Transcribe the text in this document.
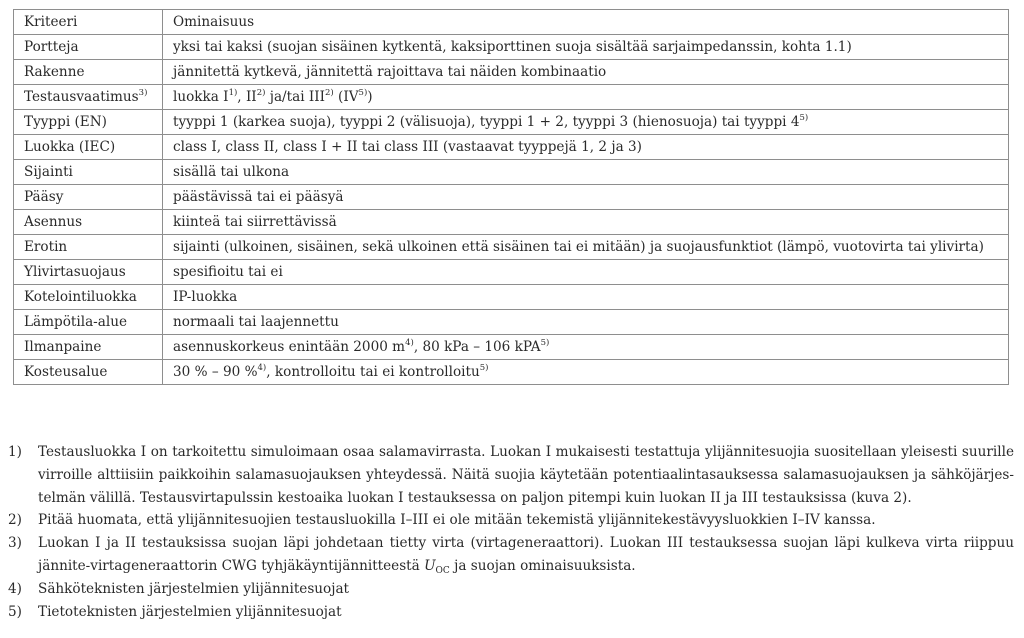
Kriteeri	Ominaisuus
Portteja	yksi tai kaksi (suojan sisäinen kytkentä, kaksiporttinen suoja sisältää sarjaimpedanssin, kohta 1.1)
Rakenne	jännitettä kytkevä, jännitettä rajoittava tai näiden kombinaatio
Testausvaatimus$^{3)}$	luokka $I^{1)}$, II$^{2)}$ ja/tai III$^{2)}$ (IV$^{5)}$)
Tyyppi (EN)	tyyppi 1 (karkea suoja), tyyppi 2 (välisuoja), tyyppi 1 + 2, tyyppi 3 (hienosuoja) tai tyyppi 4$^{5)}$
Luokka (IEC)	class I, class II, class I + II tai class III (vastaavat tyyppejä 1, 2 ja 3)
Sijainti	sisällä tai ulkona
Pääsy	päästävissä tai ei pääsyä
Asennus	kiinteä tai siirrettävissä
Erotin	sijainti (ulkoinen, sisäinen, sekä ulkoinen että sisäinen tai ei mitään) ja suojausfunktiot (lämpö, vuotovirta tai ylivirta)
Ylivirtasuojaus	spesifioitu tai ei
Kotelointiluokka	IP-luokka
Lämpötila-alue	normaali tai laajennettu
Ilmanpaine	asennuskorkeus enintään 2000 $m^{4)}$, 80 kPa – 106 kPA$^{5)}$
Kosteusalue	30 % – 90 %$^{4)}$, kontrolloitu tai ei kontrolloitu$^{5)}$
1)	Testausluokka I on tarkoitettu simuloimaan osaa salamavirrasta. Luokan I mukaisesti testattuja ylijännitesuojia suositellaan yleisesti suurille virroille alttiisiin paikkoihin salamasuojauksen yhteydessä. Näitä suojia käytetään potentiaalintasauksessa salamasuojauksen ja sähköjärjes-telmän välillä. Testausvirtapulssin kestoaika luokan I testauksessa on paljon pitempi kuin luokan II ja III testauksissa (kuva 2).
2)	Pitää huomata, että ylijännitesuojien testausluokilla I–III ei ole mitään tekemistä ylijännitekestävyysluokkien I–IV kanssa.
3)	Luokan I ja II testauksissa suojan läpi johdetaan tietty virta (virtageneraattori). Luokan III testauksessa suojan läpi kulkeva virta riippuu jännite-virtageneraattorin CWG tyhjäkäyntijännitteestä $U_{OC}$ ja suojan ominaisuuksista.
4)	Sähköteknisten järjestelmien ylijännitesuojat
5)	Tietoteknisten järjestelmien ylijännitesuojat
